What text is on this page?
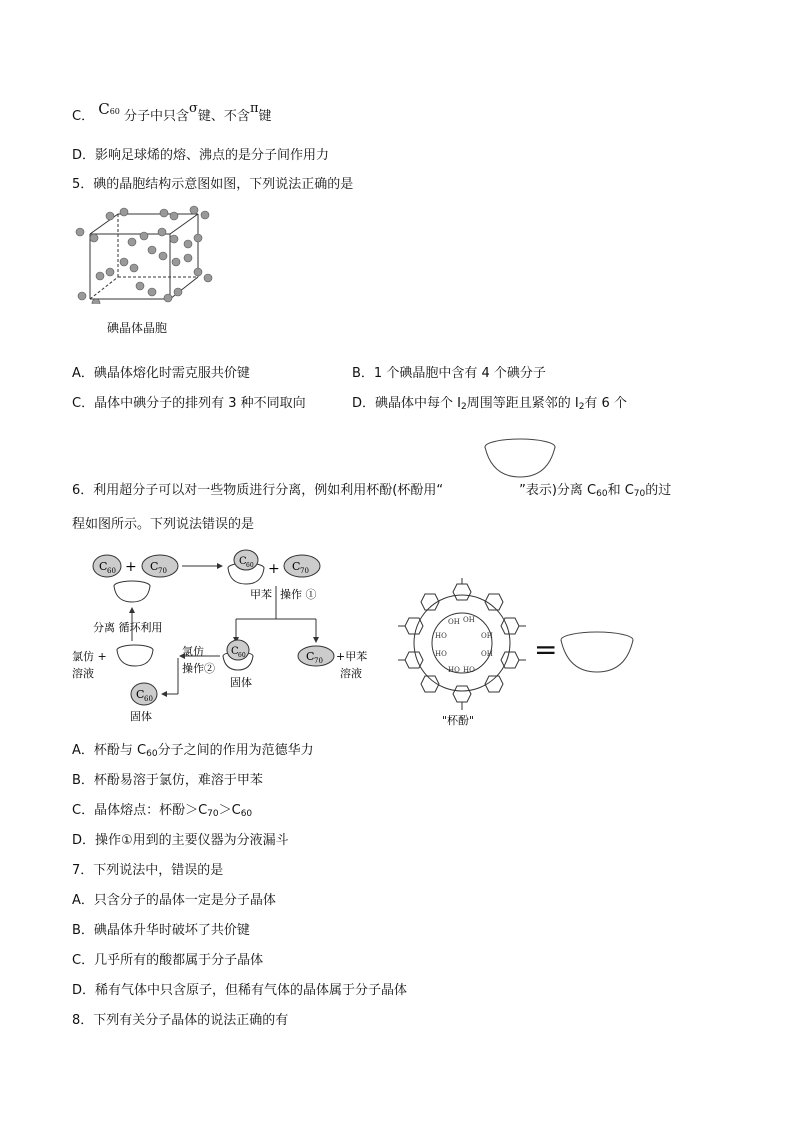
C． C60 分子中只含σ键、不含π键
D．影响足球烯的熔、沸点的是分子间作用力
5．碘的晶胞结构示意图如图，下列说法正确的是
碘晶体晶胞
A．碘晶体熔化时需克服共价键	B．1 个碘晶胞中含有 4 个碘分子
C．晶体中碘分子的排列有 3 种不同取向	D．碘晶体中每个 $I_2$周围等距且紧邻的 $I_2$有 6 个
6．利用超分子可以对一些物质进行分离，例如利用杯酚(杯酚用“	”表示)分离 $C_{60}$和 $C_{70}$的过
程如图所示。下列说法错误的是
C 60 + C 70
C 60 + C 70
甲苯 操作 ①
分离 循环利用
氯仿 +
溶液
氯仿
操作②
C 60
固体
C 70 +甲苯
溶液
C 60
固体
OH OH
HO	OH
HO	OH
HO HO
"杯酚"
=
A．杯酚与 $C_{60}$分子之间的作用为范德华力
B．杯酚易溶于氯仿，难溶于甲苯
C．晶体熔点：杯酚$>C_{70}>C_{60}$
D．操作①用到的主要仪器为分液漏斗
7．下列说法中，错误的是
A．只含分子的晶体一定是分子晶体
B．碘晶体升华时破坏了共价键
C．几乎所有的酸都属于分子晶体
D．稀有气体中只含原子，但稀有气体的晶体属于分子晶体
8．下列有关分子晶体的说法正确的有
